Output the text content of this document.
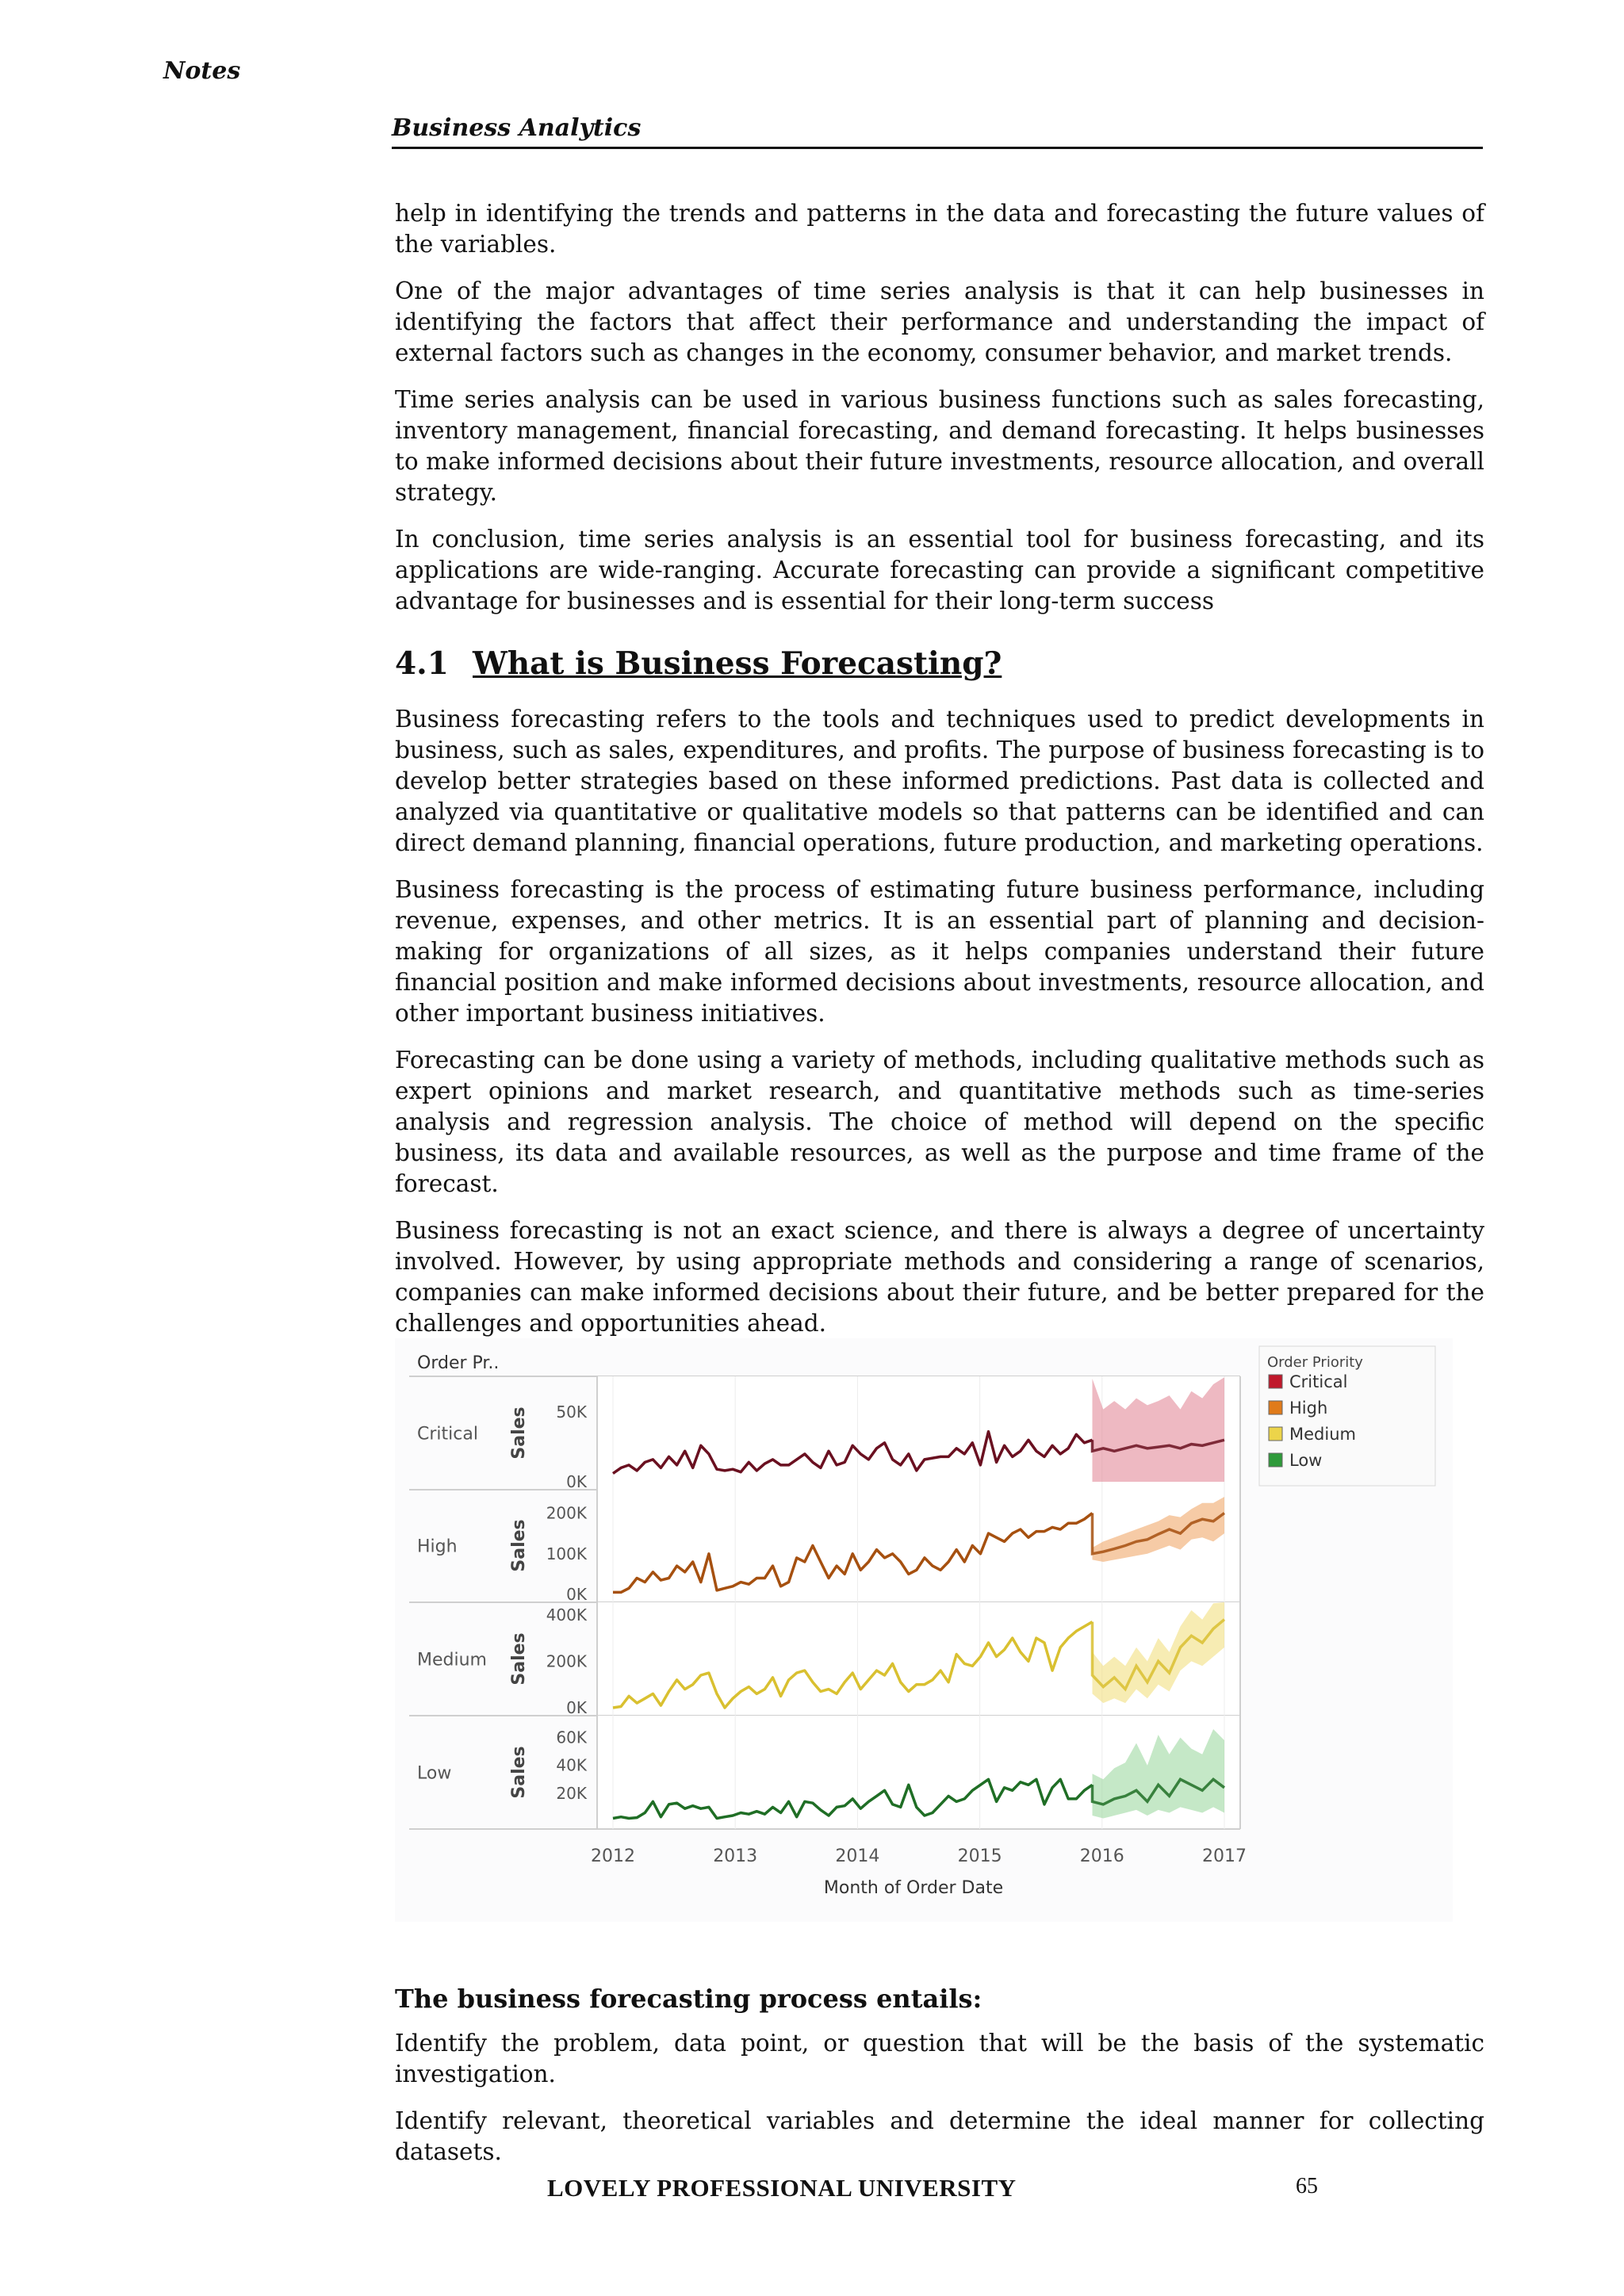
Notes
Business Analytics

help in identifying the trends and patterns in the data and forecasting the future values of the variables.

One of the major advantages of time series analysis is that it can help businesses in identifying the factors that affect their performance and understanding the impact of external factors such as changes in the economy, consumer behavior, and market trends.

Time series analysis can be used in various business functions such as sales forecasting, inventory management, financial forecasting, and demand forecasting. It helps businesses to make informed decisions about their future investments, resource allocation, and overall strategy.

In conclusion, time series analysis is an essential tool for business forecasting, and its applications are wide-ranging. Accurate forecasting can provide a significant competitive advantage for businesses and is essential for their long-term success

4.1 What is Business Forecasting?

Business forecasting refers to the tools and techniques used to predict developments in business, such as sales, expenditures, and profits. The purpose of business forecasting is to develop better strategies based on these informed predictions. Past data is collected and analyzed via quantitative or qualitative models so that patterns can be identified and can direct demand planning, financial operations, future production, and marketing operations.

Business forecasting is the process of estimating future business performance, including revenue, expenses, and other metrics. It is an essential part of planning and decision-making for organizations of all sizes, as it helps companies understand their future financial position and make informed decisions about investments, resource allocation, and other important business initiatives.

Forecasting can be done using a variety of methods, including qualitative methods such as expert opinions and market research, and quantitative methods such as time-series analysis and regression analysis. The choice of method will depend on the specific business, its data and available resources, as well as the purpose and time frame of the forecast.

Business forecasting is not an exact science, and there is always a degree of uncertainty involved. However, by using appropriate methods and considering a range of scenarios, companies can make informed decisions about their future, and be better prepared for the challenges and opportunities ahead.

Order Pr..
Month of Order Date
Critical Sales 50K
0K
High	Sales
200K
100K
0K
Medium Sales
400K
200K
0K
Low	Sales
60K
40K
20K
2012	2013	2014	2015	2016	2017
Order Priority
Critical
High
Medium
Low
The business forecasting process entails:

Identify the problem, data point, or question that will be the basis of the systematic investigation.

Identify relevant, theoretical variables and determine the ideal manner for collecting datasets.

LOVELY PROFESSIONAL UNIVERSITY	65
